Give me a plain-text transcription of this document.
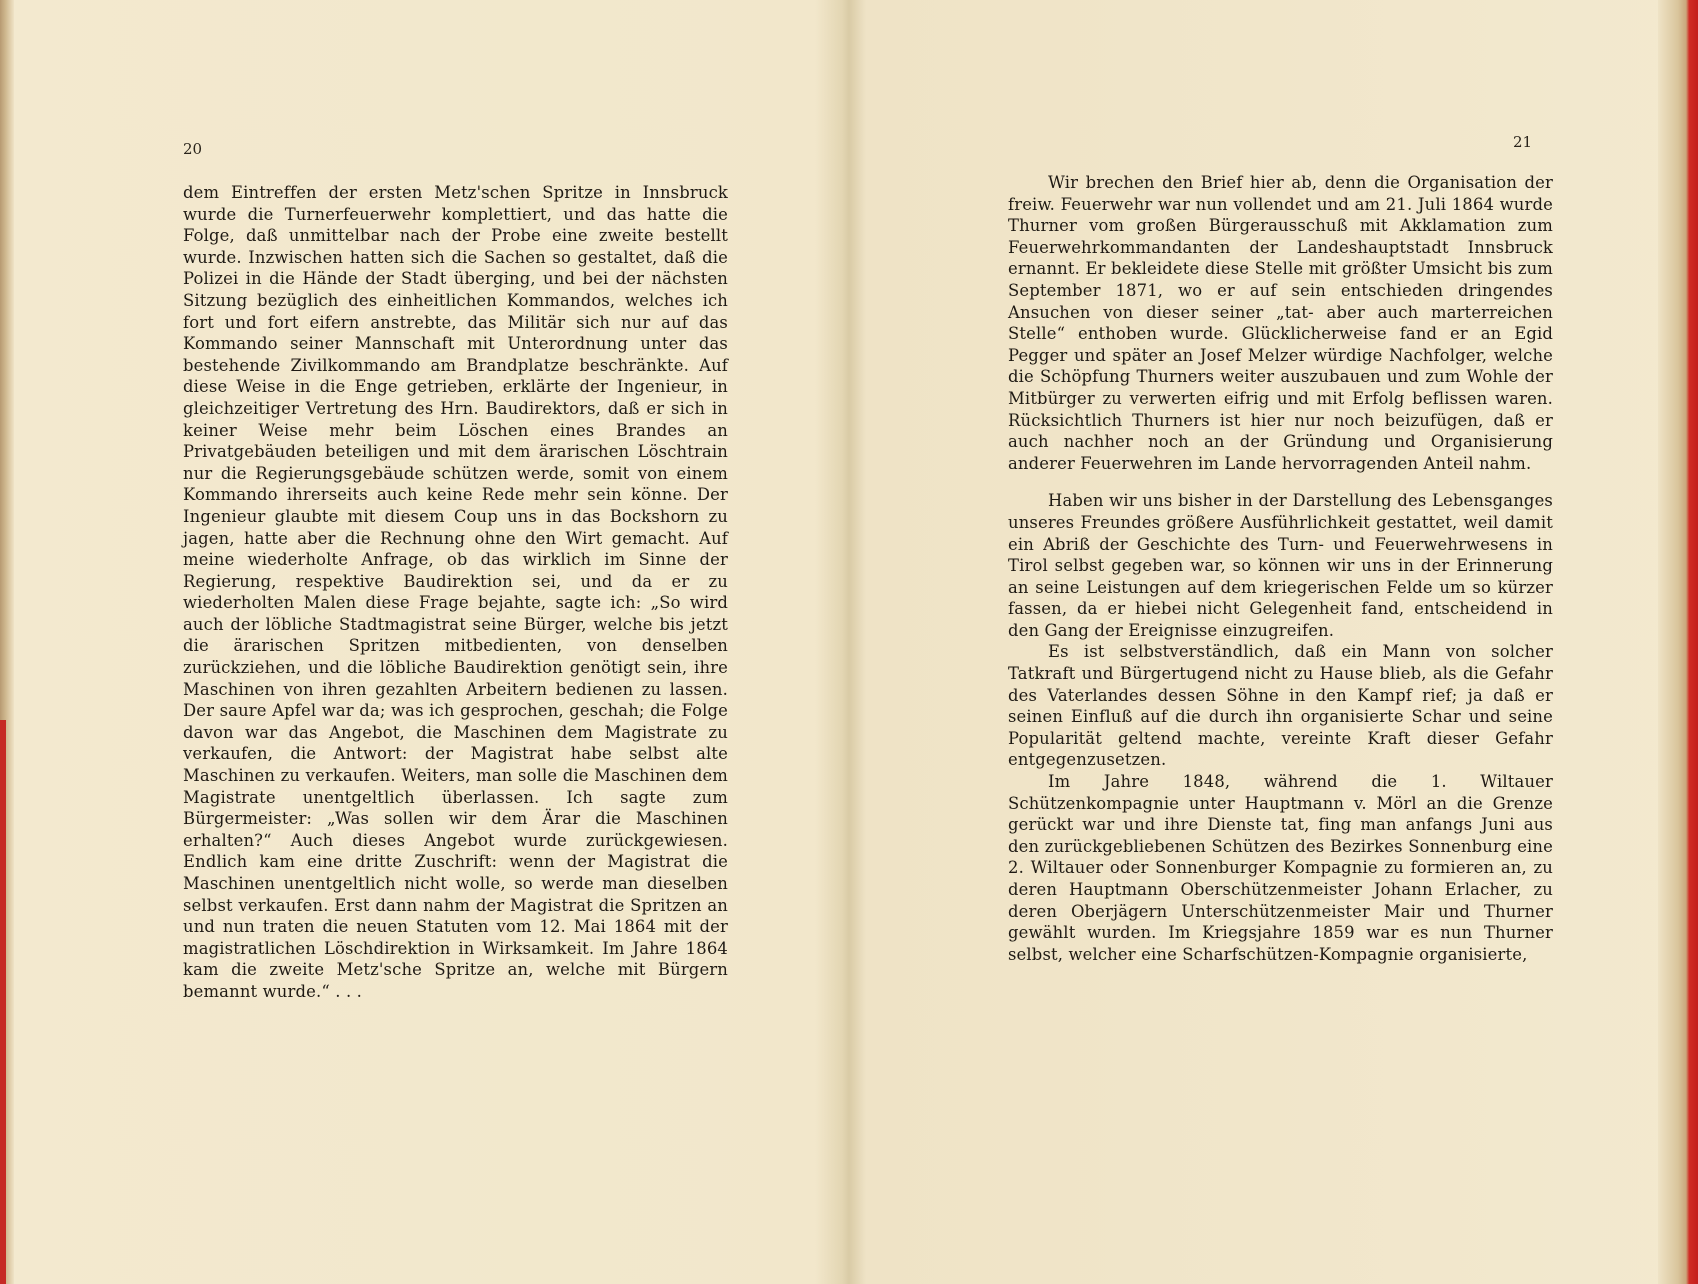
20

dem Eintreffen der ersten Metz'schen Spritze in Innsbruck wurde die Turnerfeuerwehr komplettiert, und das hatte die Folge, daß unmittelbar nach der Probe eine zweite bestellt wurde. Inzwischen hatten sich die Sachen so gestaltet, daß die Polizei in die Hände der Stadt überging, und bei der nächsten Sitzung bezüglich des einheitlichen Kommandos, welches ich fort und fort eifern anstrebte, das Militär sich nur auf das Kommando seiner Mannschaft mit Unterordnung unter das bestehende Zivilkommando am Brandplatze beschränkte. Auf diese Weise in die Enge getrieben, erklärte der Ingenieur, in gleichzeitiger Vertretung des Hrn. Baudirektors, daß er sich in keiner Weise mehr beim Löschen eines Brandes an Privatgebäuden beteiligen und mit dem ärarischen Löschtrain nur die Regierungsgebäude schützen werde, somit von einem Kommando ihrerseits auch keine Rede mehr sein könne. Der Ingenieur glaubte mit diesem Coup uns in das Bockshorn zu jagen, hatte aber die Rechnung ohne den Wirt gemacht. Auf meine wiederholte Anfrage, ob das wirklich im Sinne der Regierung, respektive Baudirektion sei, und da er zu wiederholten Malen diese Frage bejahte, sagte ich: „So wird auch der löbliche Stadtmagistrat seine Bürger, welche bis jetzt die ärarischen Spritzen mitbedienten, von denselben zurückziehen, und die löbliche Baudirektion genötigt sein, ihre Maschinen von ihren gezahlten Arbeitern bedienen zu lassen. Der saure Apfel war da; was ich gesprochen, geschah; die Folge davon war das Angebot, die Maschinen dem Magistrate zu verkaufen, die Antwort: der Magistrat habe selbst alte Maschinen zu verkaufen. Weiters, man solle die Maschinen dem Magistrate unentgeltlich überlassen. Ich sagte zum Bürgermeister: „Was sollen wir dem Ärar die Maschinen erhalten?“ Auch dieses Angebot wurde zurückgewiesen. Endlich kam eine dritte Zuschrift: wenn der Magistrat die Maschinen unentgeltlich nicht wolle, so werde man dieselben selbst verkaufen. Erst dann nahm der Magistrat die Spritzen an und nun traten die neuen Statuten vom 12. Mai 1864 mit der magistratlichen Löschdirektion in Wirksamkeit. Im Jahre 1864 kam die zweite Metz'sche Spritze an, welche mit Bürgern bemannt wurde.“ . . .

21

Wir brechen den Brief hier ab, denn die Organisation der freiw. Feuerwehr war nun vollendet und am 21. Juli 1864 wurde Thurner vom großen Bürgerausschuß mit Akklamation zum Feuerwehrkommandanten der Landeshauptstadt Innsbruck ernannt. Er bekleidete diese Stelle mit größter Umsicht bis zum September 1871, wo er auf sein entschieden dringendes Ansuchen von dieser seiner „tat- aber auch marterreichen Stelle“ enthoben wurde. Glücklicherweise fand er an Egid Pegger und später an Josef Melzer würdige Nachfolger, welche die Schöpfung Thurners weiter auszubauen und zum Wohle der Mitbürger zu verwerten eifrig und mit Erfolg beflissen waren. Rücksichtlich Thurners ist hier nur noch beizufügen, daß er auch nachher noch an der Gründung und Organisierung anderer Feuerwehren im Lande hervorragenden Anteil nahm.

Haben wir uns bisher in der Darstellung des Lebensganges unseres Freundes größere Ausführlichkeit gestattet, weil damit ein Abriß der Geschichte des Turn- und Feuerwehrwesens in Tirol selbst gegeben war, so können wir uns in der Erinnerung an seine Leistungen auf dem kriegerischen Felde um so kürzer fassen, da er hiebei nicht Gelegenheit fand, entscheidend in den Gang der Ereignisse einzugreifen.

Es ist selbstverständlich, daß ein Mann von solcher Tatkraft und Bürgertugend nicht zu Hause blieb, als die Gefahr des Vaterlandes dessen Söhne in den Kampf rief; ja daß er seinen Einfluß auf die durch ihn organisierte Schar und seine Popularität geltend machte, vereinte Kraft dieser Gefahr entgegenzusetzen.

Im Jahre 1848, während die 1. Wiltauer Schützenkompagnie unter Hauptmann v. Mörl an die Grenze gerückt war und ihre Dienste tat, fing man anfangs Juni aus den zurückgebliebenen Schützen des Bezirkes Sonnenburg eine 2. Wiltauer oder Sonnenburger Kompagnie zu formieren an, zu deren Hauptmann Oberschützenmeister Johann Erlacher, zu deren Oberjägern Unterschützenmeister Mair und Thurner gewählt wurden. Im Kriegsjahre 1859 war es nun Thurner selbst, welcher eine Scharfschützen-Kompagnie organisierte,
